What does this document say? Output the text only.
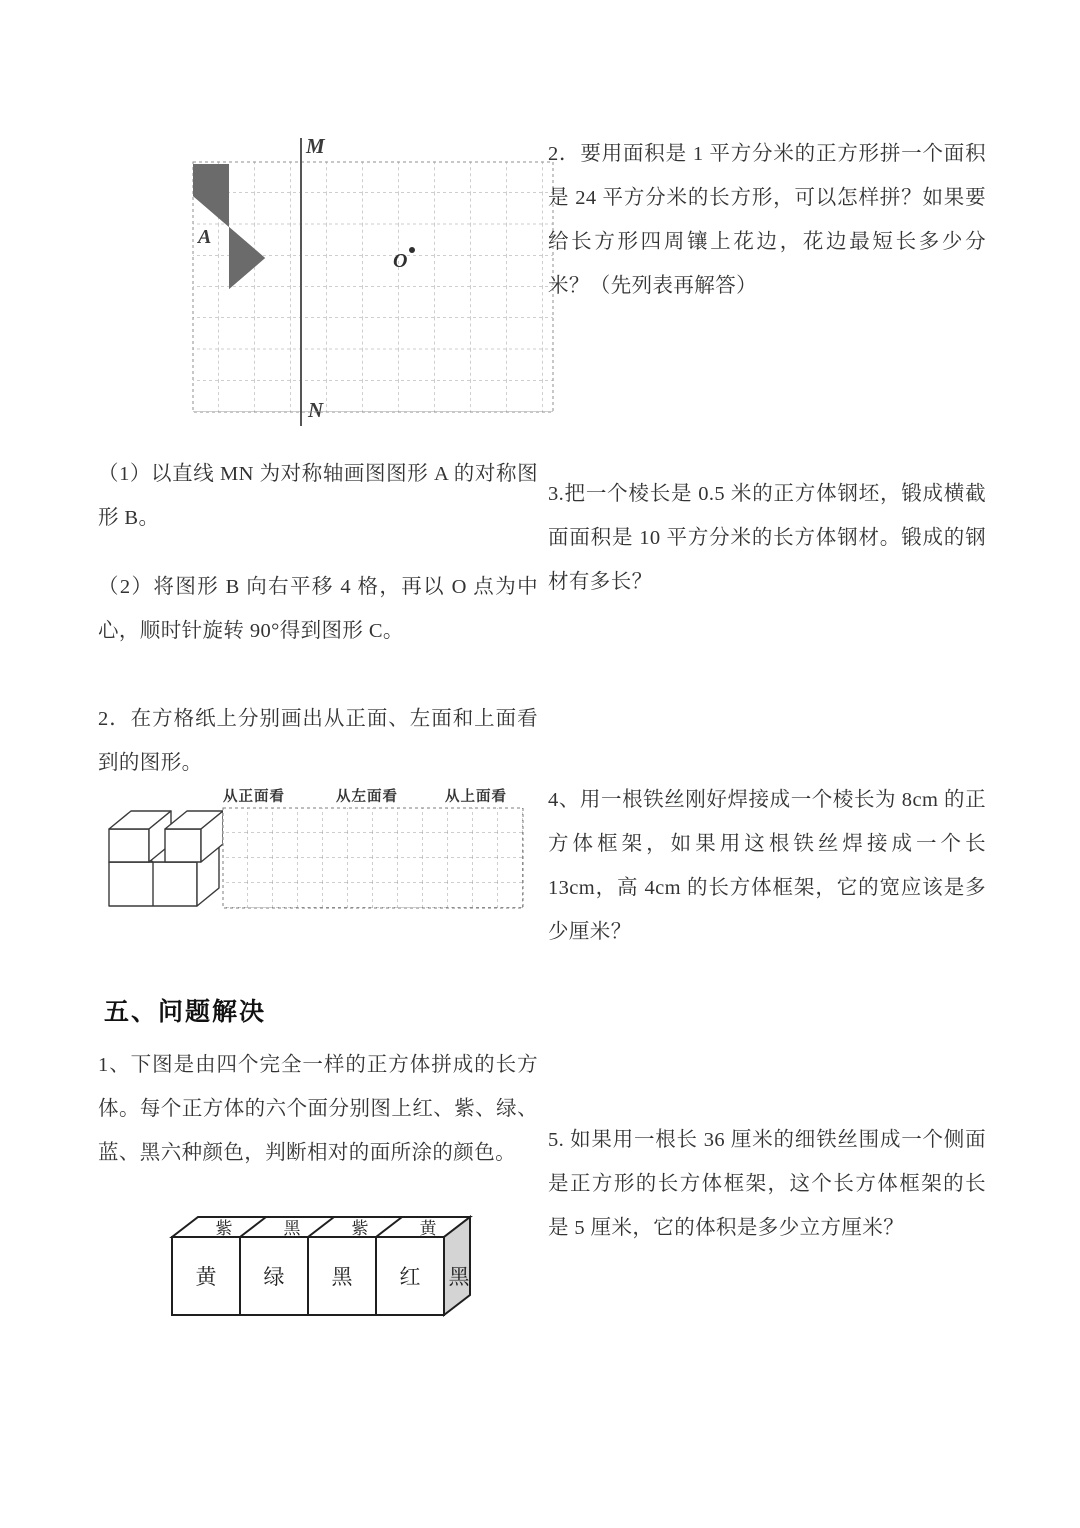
M
A
O
（1）以直线 MN 为对称轴画图图形 A 的对称图形 B。
（2）将图形 B 向右平移 4 格，再以 O 点为中心，顺时针旋转 90°得到图形 C。
2．在方格纸上分别画出从正面、左面和上面看到的图形。
从正面看	从左面看	从上面看
五、问题解决
1、下图是由四个完全一样的正方体拼成的长方体。每个正方体的六个面分别图上红、紫、绿、蓝、黑六种颜色，判断相对的面所涂的颜色。
紫	黑	紫	黄
黄 绿 黑 红 黑
2．要用面积是 1 平方分米的正方形拼一个面积是 24 平方分米的长方形，可以怎样拼？如果要给长方形四周镶上花边，花边最短长多少分米？（先列表再解答）
3.把一个棱长是 0.5 米的正方体钢坯，锻成横截面面积是 10 平方分米的长方体钢材。锻成的钢材有多长？
4、用一根铁丝刚好焊接成一个棱长为 8cm 的正方体框架，如果用这根铁丝焊接成一个长 13cm，高 4cm 的长方体框架，它的宽应该是多少厘米？
5. 如果用一根长 36 厘米的细铁丝围成一个侧面是正方形的长方体框架，这个长方体框架的长是 5 厘米，它的体积是多少立方厘米？
